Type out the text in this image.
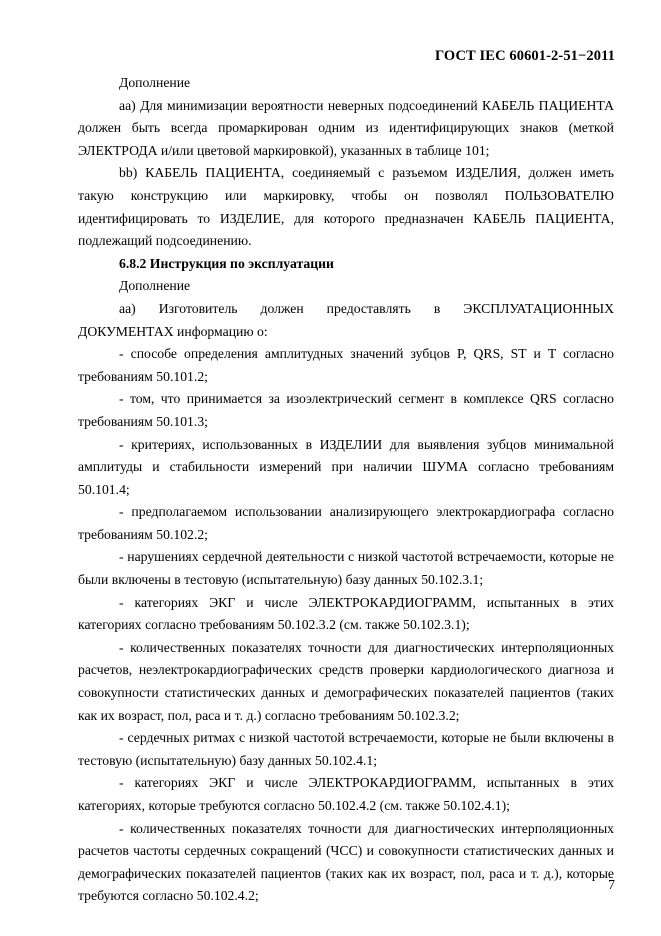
ГОСТ IEC 60601-2-51−2011

Дополнение

aa) Для минимизации вероятности неверных подсоединений КАБЕЛЬ ПАЦИЕНТА должен быть всегда промаркирован одним из идентифицирующих знаков (меткой ЭЛЕКТРОДА и/или цветовой маркировкой), указанных в таблице 101;

bb) КАБЕЛЬ ПАЦИЕНТА, соединяемый с разъемом ИЗДЕЛИЯ, должен иметь такую конструкцию или маркировку, чтобы он позволял ПОЛЬЗОВАТЕЛЮ идентифицировать то ИЗДЕЛИЕ, для которого предназначен КАБЕЛЬ ПАЦИЕНТА, подлежащий подсоединению.

6.8.2 Инструкция по эксплуатации

Дополнение

aa) Изготовитель должен предоставлять в ЭКСПЛУАТАЦИОННЫХ ДОКУМЕНТАХ информацию о:

- способе определения амплитудных значений зубцов P, QRS, ST и T согласно требованиям 50.101.2;

- том, что принимается за изоэлектрический сегмент в комплекcе QRS согласно требованиям 50.101.3;

- критериях, использованных в ИЗДЕЛИИ для выявления зубцов минимальной амплитуды и стабильности измерений при наличии ШУМА согласно требованиям 50.101.4;

- предполагаемом использовании анализирующего электрокардиографа согласно требованиям 50.102.2;

- нарушениях сердечной деятельности с низкой частотой встречаемости, которые не были включены в тестовую (испытательную) базу данных 50.102.3.1;

- категориях ЭКГ и числе ЭЛЕКТРОКАРДИОГРАММ, испытанных в этих категориях согласно требованиям 50.102.3.2 (см. также 50.102.3.1);

- количественных показателях точности для диагностических интерполяционных расчетов, неэлектрокардиографических средств проверки кардиологического диагноза и совокупности статистических данных и демографических показателей пациентов (таких как их возраст, пол, раса и т. д.) согласно требованиям 50.102.3.2;

- сердечных ритмах с низкой частотой встречаемости, которые не были включены в тестовую (испытательную) базу данных 50.102.4.1;

- категориях ЭКГ и числе ЭЛЕКТРОКАРДИОГРАММ, испытанных в этих категориях, которые требуются согласно 50.102.4.2 (см. также 50.102.4.1);

- количественных показателях точности для диагностических интерполяционных расчетов частоты сердечных сокращений (ЧСС) и совокупности статистических данных и демографических показателей пациентов (таких как их возраст, пол, раса и т. д.), которые требуются согласно 50.102.4.2;

7
